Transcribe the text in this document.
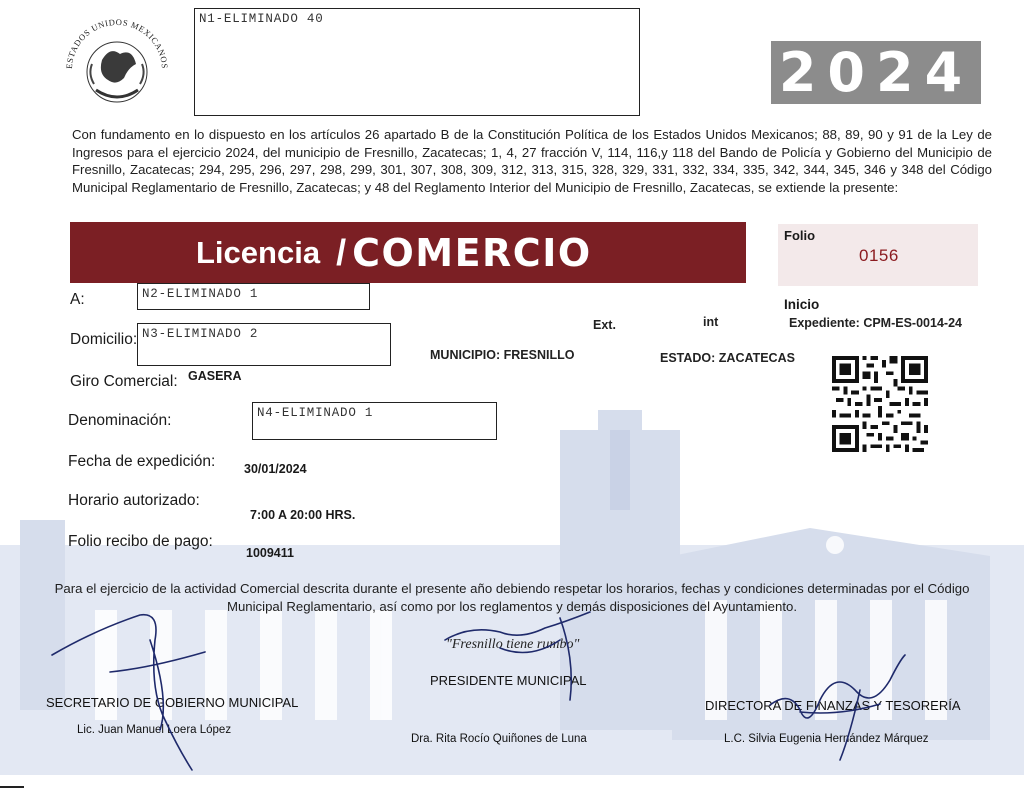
ESTADOS UNIDOS MEXICANOS
N1-ELIMINADO 40
2024
Con fundamento en lo dispuesto en los artículos 26 apartado B de la Constitución Política de los Estados Unidos Mexicanos; 88, 89, 90 y 91 de la Ley de Ingresos para el ejercicio 2024, del municipio de Fresnillo, Zacatecas; 1, 4, 27 fracción V, 114, 116,y 118 del Bando de Policía y Gobierno del Municipio de Fresnillo, Zacatecas; 294, 295, 296, 297, 298, 299, 301, 307, 308, 309, 312, 313, 315, 328, 329, 331, 332, 334, 335, 342, 344, 345, 346 y 348 del Código Municipal Reglamentario de Fresnillo, Zacatecas; y 48 del Reglamento Interior del Municipio de Fresnillo, Zacatecas, se extiende la presente:
Licencia / COMERCIO	Folio
0156
A:	N2-ELIMINADO 1
Domicilio: N3-ELIMINADO 2
Ext.	int
Inicio
Expediente: CPM-ES-0014-24
MUNICIPIO: FRESNILLO	ESTADO: ZACATECAS
Giro Comercial: GASERA
Denominación:	N4-ELIMINADO 1
Fecha de expedición: 30/01/2024
Horario autorizado:
7:00 A 20:00 HRS.
Folio recibo de pago:
1009411
Para el ejercicio de la actividad Comercial descrita durante el presente año debiendo respetar los horarios, fechas y condiciones determinadas por el Código Municipal Reglamentario, así como por los reglamentos y demás disposiciones del Ayuntamiento.
"Fresnillo tiene rumbo"
SECRETARIO DE GOBIERNO MUNICIPAL
Lic. Juan Manuel Loera López
PRESIDENTE MUNICIPAL
Dra. Rita Rocío Quiñones de Luna
DIRECTORA DE FINANZAS Y TESORERÍA
L.C. Silvia Eugenia Hernández Márquez
